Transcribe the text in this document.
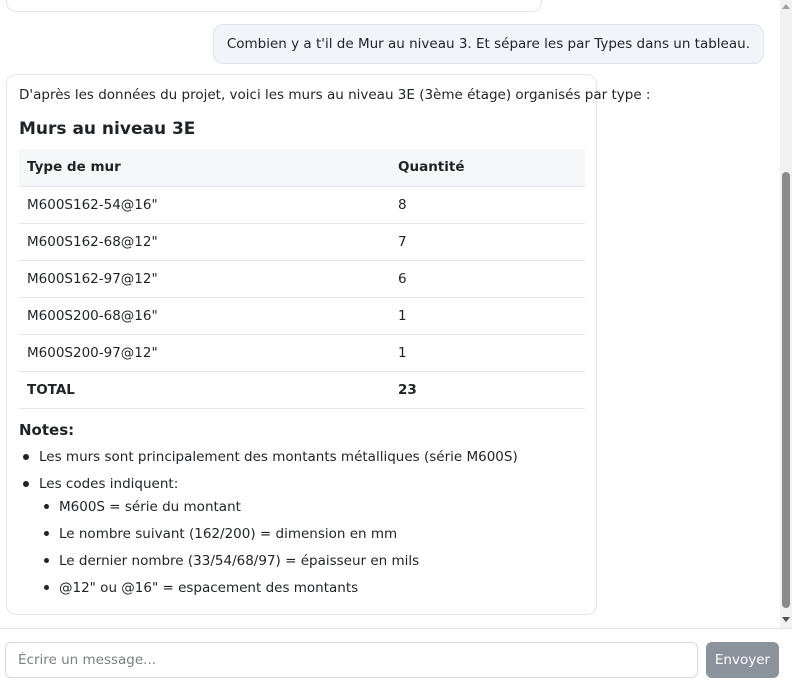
Combien y a t'il de Mur au niveau 3. Et sépare les par Types dans un tableau.
D'après les données du projet, voici les murs au niveau 3E (3ème étage) organisés par type :
Murs au niveau 3E
Type de mur	Quantité
M600S162-54@16"	8
M600S162-68@12"	7
M600S162-97@12"	6
M600S200-68@16"	1
M600S200-97@12"	1
TOTAL	23
Notes:
Les murs sont principalement des montants métalliques (série M600S)
Les codes indiquent:
M600S = série du montant
Le nombre suivant (162/200) = dimension en mm
Le dernier nombre (33/54/68/97) = épaisseur en mils
@12" ou @16" = espacement des montants
Écrire un message...
Envoyer
